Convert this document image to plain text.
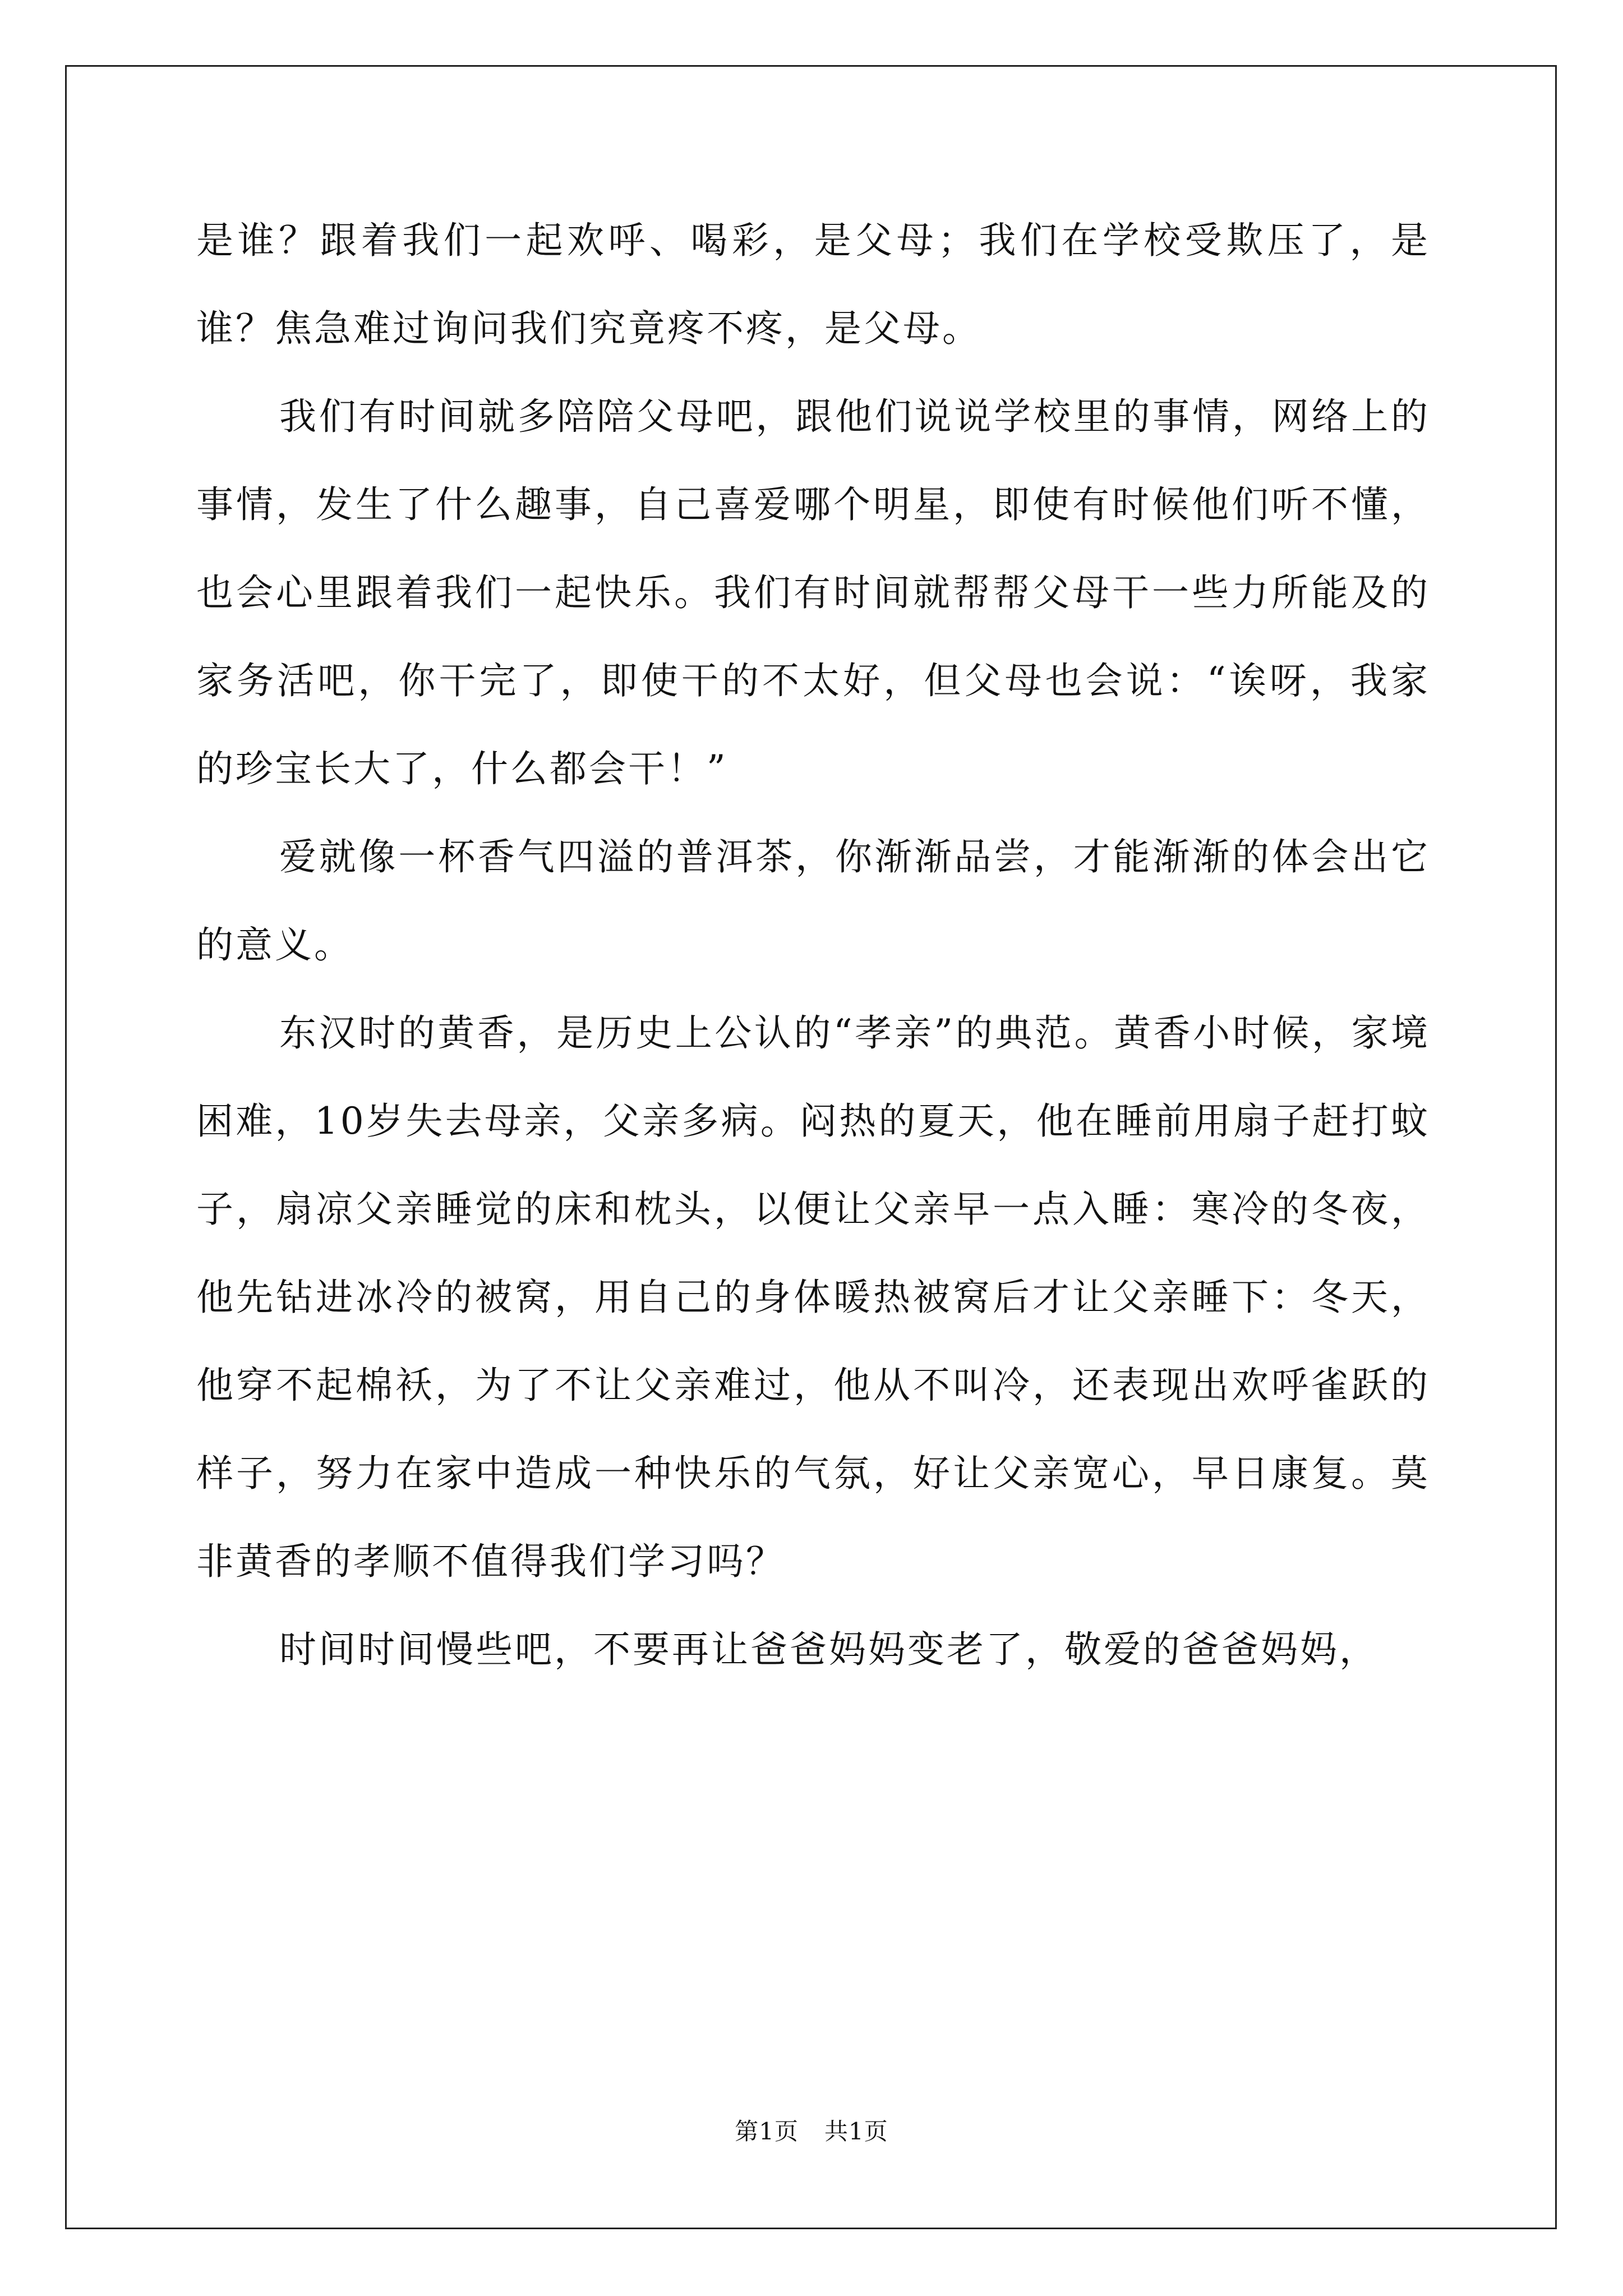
是谁？跟着我们一起欢呼、喝彩，是父母；我们在学校受欺压了，是谁？焦急难过询问我们究竟疼不疼，是父母。

我们有时间就多陪陪父母吧，跟他们说说学校里的事情，网络上的事情，发生了什么趣事，自己喜爱哪个明星，即使有时候他们听不懂，也会心里跟着我们一起快乐。我们有时间就帮帮父母干一些力所能及的家务活吧，你干完了，即使干的不太好，但父母也会说：“诶呀，我家的珍宝长大了，什么都会干！”

爱就像一杯香气四溢的普洱茶，你渐渐品尝，才能渐渐的体会出它的意义。

东汉时的黄香，是历史上公认的“孝亲”的典范。黄香小时候，家境困难，10岁失去母亲，父亲多病。闷热的夏天，他在睡前用扇子赶打蚊子，扇凉父亲睡觉的床和枕头，以便让父亲早一点入睡：寒冷的冬夜，他先钻进冰冷的被窝，用自己的身体暖热被窝后才让父亲睡下：冬天，他穿不起棉袄，为了不让父亲难过，他从不叫冷，还表现出欢呼雀跃的样子，努力在家中造成一种快乐的气氛，好让父亲宽心，早日康复。莫非黄香的孝顺不值得我们学习吗？

时间时间慢些吧，不要再让爸爸妈妈变老了，敬爱的爸爸妈妈，

第1页 共1页
